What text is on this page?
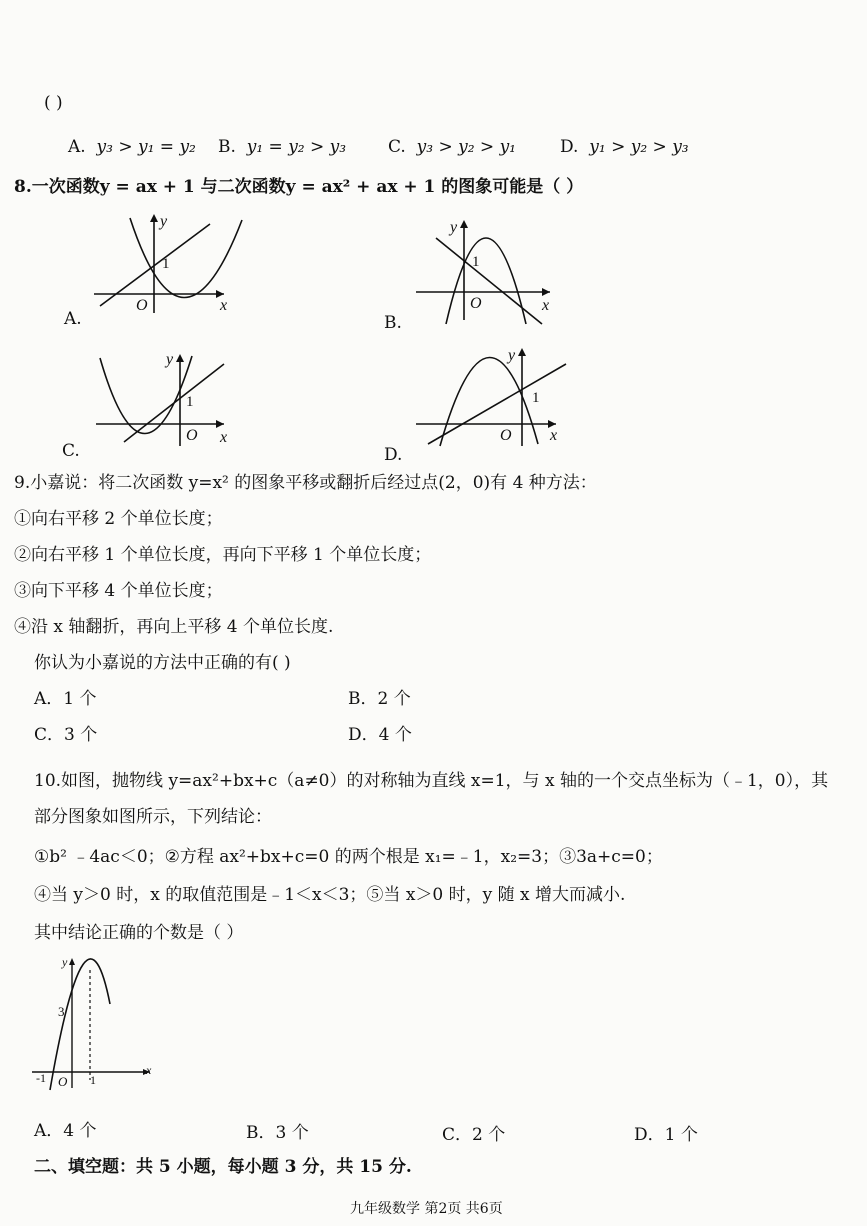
( )
A. y₃ > y₁ = y₂ B. y₁ = y₂ > y₃ C. y₃ > y₂ > y₁	D. y₁ > y₂ > y₃
8.一次函数y = ax + 1 与二次函数y = ax² + ax + 1 的图象可能是（ ）
y
x
O
1
A.
y
x
O
1
B.
y
x
O
1
C.
y
x
O
1
D.
9.小嘉说：将二次函数 y=x² 的图象平移或翻折后经过点(2，0)有 4 种方法：
①向右平移 2 个单位长度；
②向右平移 1 个单位长度，再向下平移 1 个单位长度；
③向下平移 4 个单位长度；
④沿 x 轴翻折，再向上平移 4 个单位长度.
你认为小嘉说的方法中正确的有( )
A．1 个	B．2 个
C．3 个	D．4 个
10.如图，抛物线 y=ax²+bx+c（a≠0）的对称轴为直线 x=1，与 x 轴的一个交点坐标为（﹣1，0），其
部分图象如图所示，下列结论：
①b² ﹣4ac＜0；②方程 ax²+bx+c=0 的两个根是 x₁=﹣1，x₂=3；③3a+c=0；
④当 y＞0 时，x 的取值范围是﹣1＜x＜3；⑤当 x＞0 时，y 随 x 增大而减小.
其中结论正确的个数是（ ）
y
x
O
3
-1	1
A．4 个	B．3 个	C．2 个	D．1 个
二、填空题：共 5 小题，每小题 3 分，共 15 分.
九年级数学 第2页 共6页
